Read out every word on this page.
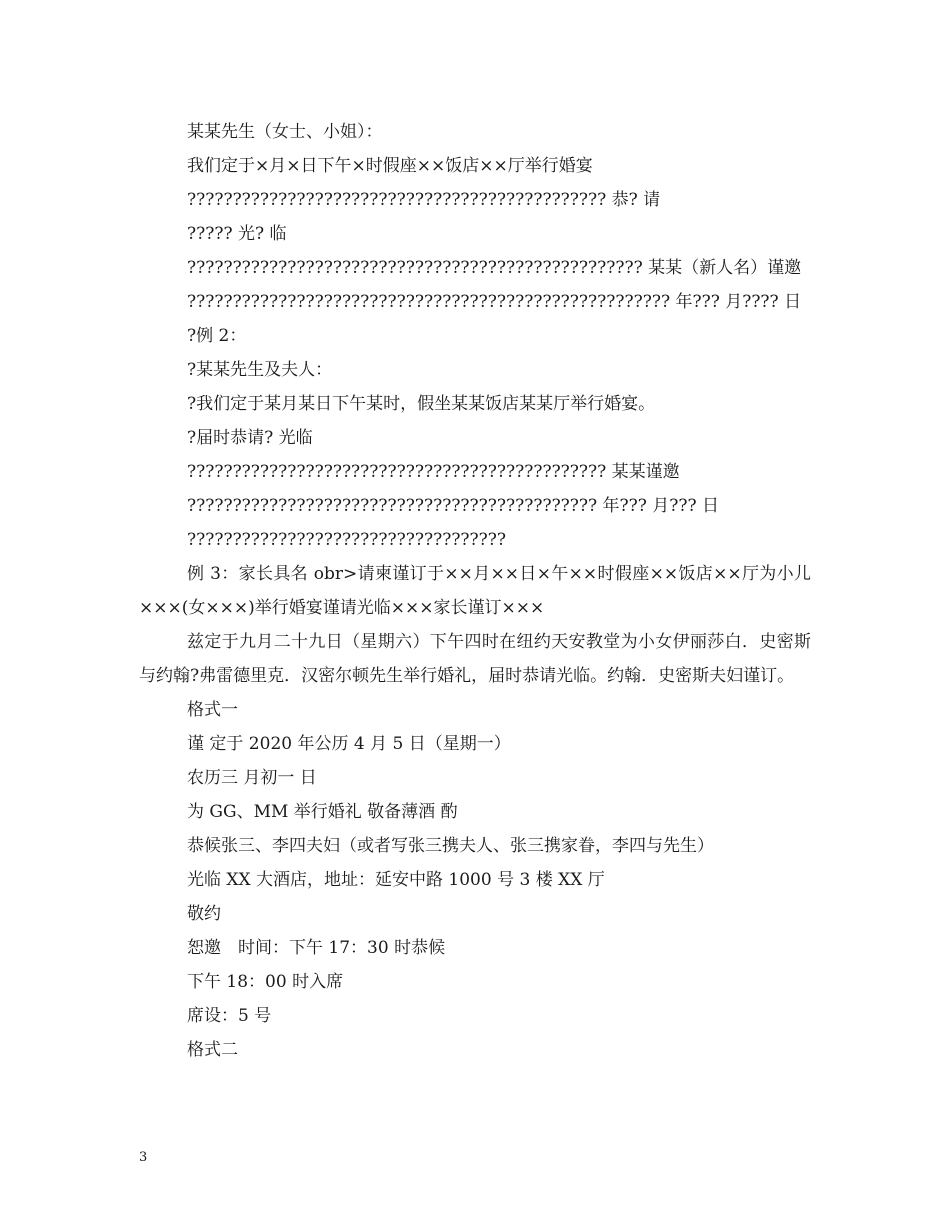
某某先生（女士、小姐）：
我们定于×月×日下午×时假座××饭店××厅举行婚宴
?????????????????????????????????????????????? 恭? 请
????? 光? 临
?????????????????????????????????????????????????? 某某（新人名）谨邀
????????????????????????????????????????????????????? 年??? 月???? 日
?例 2：
?某某先生及夫人：
?我们定于某月某日下午某时，假坐某某饭店某某厅举行婚宴。
?届时恭请? 光临
?????????????????????????????????????????????? 某某谨邀
????????????????????????????????????????????? 年??? 月??? 日
???????????????????????????????????
例 3：家长具名 obr>请柬谨订于××月××日×午××时假座××饭店××厅为小儿×××(女×××)举行婚宴谨请光临×××家长谨订×××
兹定于九月二十九日（星期六）下午四时在纽约天安教堂为小女伊丽莎白．史密斯与约翰?弗雷德里克．汉密尔顿先生举行婚礼，届时恭请光临。约翰．史密斯夫妇谨订。
格式一
谨 定于 2020 年公历 4 月 5 日（星期一）
农历三 月初一 日
为 GG、MM 举行婚礼 敬备薄酒 酌
恭候张三、李四夫妇（或者写张三携夫人、张三携家眷，李四与先生）
光临 XX 大酒店，地址：延安中路 1000 号 3 楼 XX 厅
敬约
恕邀　时间：下午 17：30 时恭候
下午 18：00 时入席
席设：5 号
格式二
3
